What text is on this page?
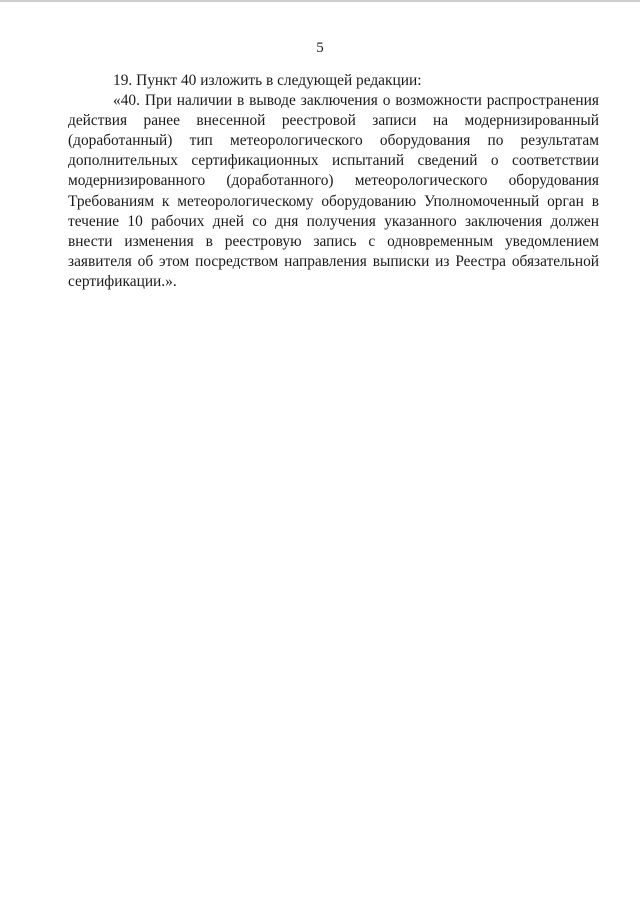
5

19. Пункт 40 изложить в следующей редакции:

«40. При наличии в выводе заключения о возможности распространения действия ранее внесенной реестровой записи на модернизированный (доработанный) тип метеорологического оборудования по результатам дополнительных сертификационных испытаний сведений о соответствии модернизированного (доработанного) метеорологического оборудования Требованиям к метеорологическому оборудованию Уполномоченный орган в течение 10 рабочих дней со дня получения указанного заключения должен внести изменения в реестровую запись с одновременным уведомлением заявителя об этом посредством направления выписки из Реестра обязательной сертификации.».
